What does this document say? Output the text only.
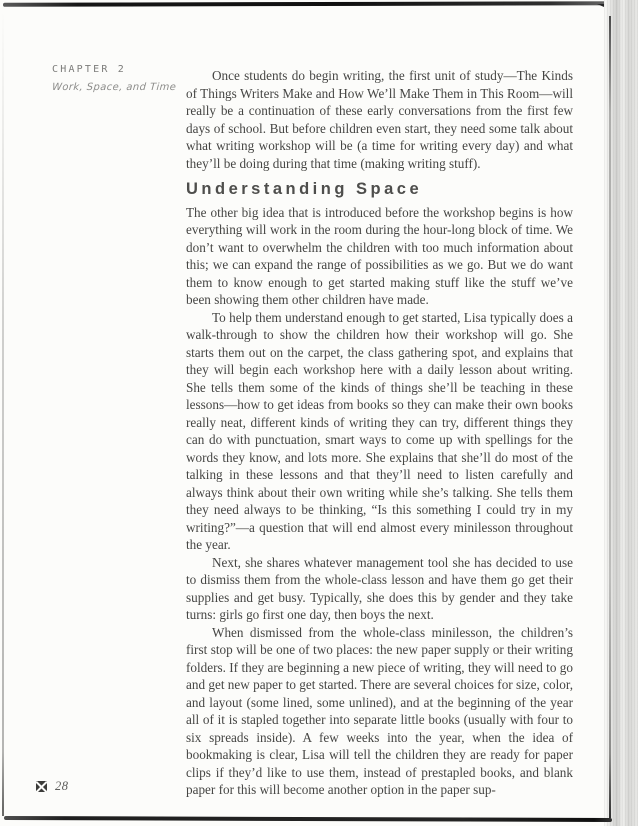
CHAPTER 2
Work, Space, and Time

Once students do begin writing, the first unit of study—The Kinds of Things Writers Make and How We’ll Make Them in This Room—will really be a continuation of these early conversations from the first few days of school. But before children even start, they need some talk about what writing workshop will be (a time for writing every day) and what they’ll be doing during that time (making writing stuff).

Understanding Space

The other big idea that is introduced before the workshop begins is how everything will work in the room during the hour-long block of time. We don’t want to overwhelm the children with too much information about this; we can expand the range of possibilities as we go. But we do want them to know enough to get started making stuff like the stuff we’ve been showing them other children have made.

To help them understand enough to get started, Lisa typically does a walk-through to show the children how their workshop will go. She starts them out on the carpet, the class gathering spot, and explains that they will begin each workshop here with a daily lesson about writing. She tells them some of the kinds of things she’ll be teaching in these lessons—how to get ideas from books so they can make their own books really neat, different kinds of writing they can try, different things they can do with punctuation, smart ways to come up with spellings for the words they know, and lots more. She explains that she’ll do most of the talking in these lessons and that they’ll need to listen carefully and always think about their own writing while she’s talking. She tells them they need always to be thinking, “Is this something I could try in my writing?”—a question that will end almost every minilesson throughout the year.

Next, she shares whatever management tool she has decided to use to dismiss them from the whole-class lesson and have them go get their supplies and get busy. Typically, she does this by gender and they take turns: girls go first one day, then boys the next.

When dismissed from the whole-class minilesson, the children’s first stop will be one of two places: the new paper supply or their writing folders. If they are beginning a new piece of writing, they will need to go and get new paper to get started. There are several choices for size, color, and layout (some lined, some unlined), and at the beginning of the year all of it is stapled together into separate little books (usually with four to six spreads inside). A few weeks into the year, when the idea of bookmaking is clear, Lisa will tell the children they are ready for paper clips if they’d like to use them, instead of prestapled books, and blank paper for this will become another option in the paper sup-

28
